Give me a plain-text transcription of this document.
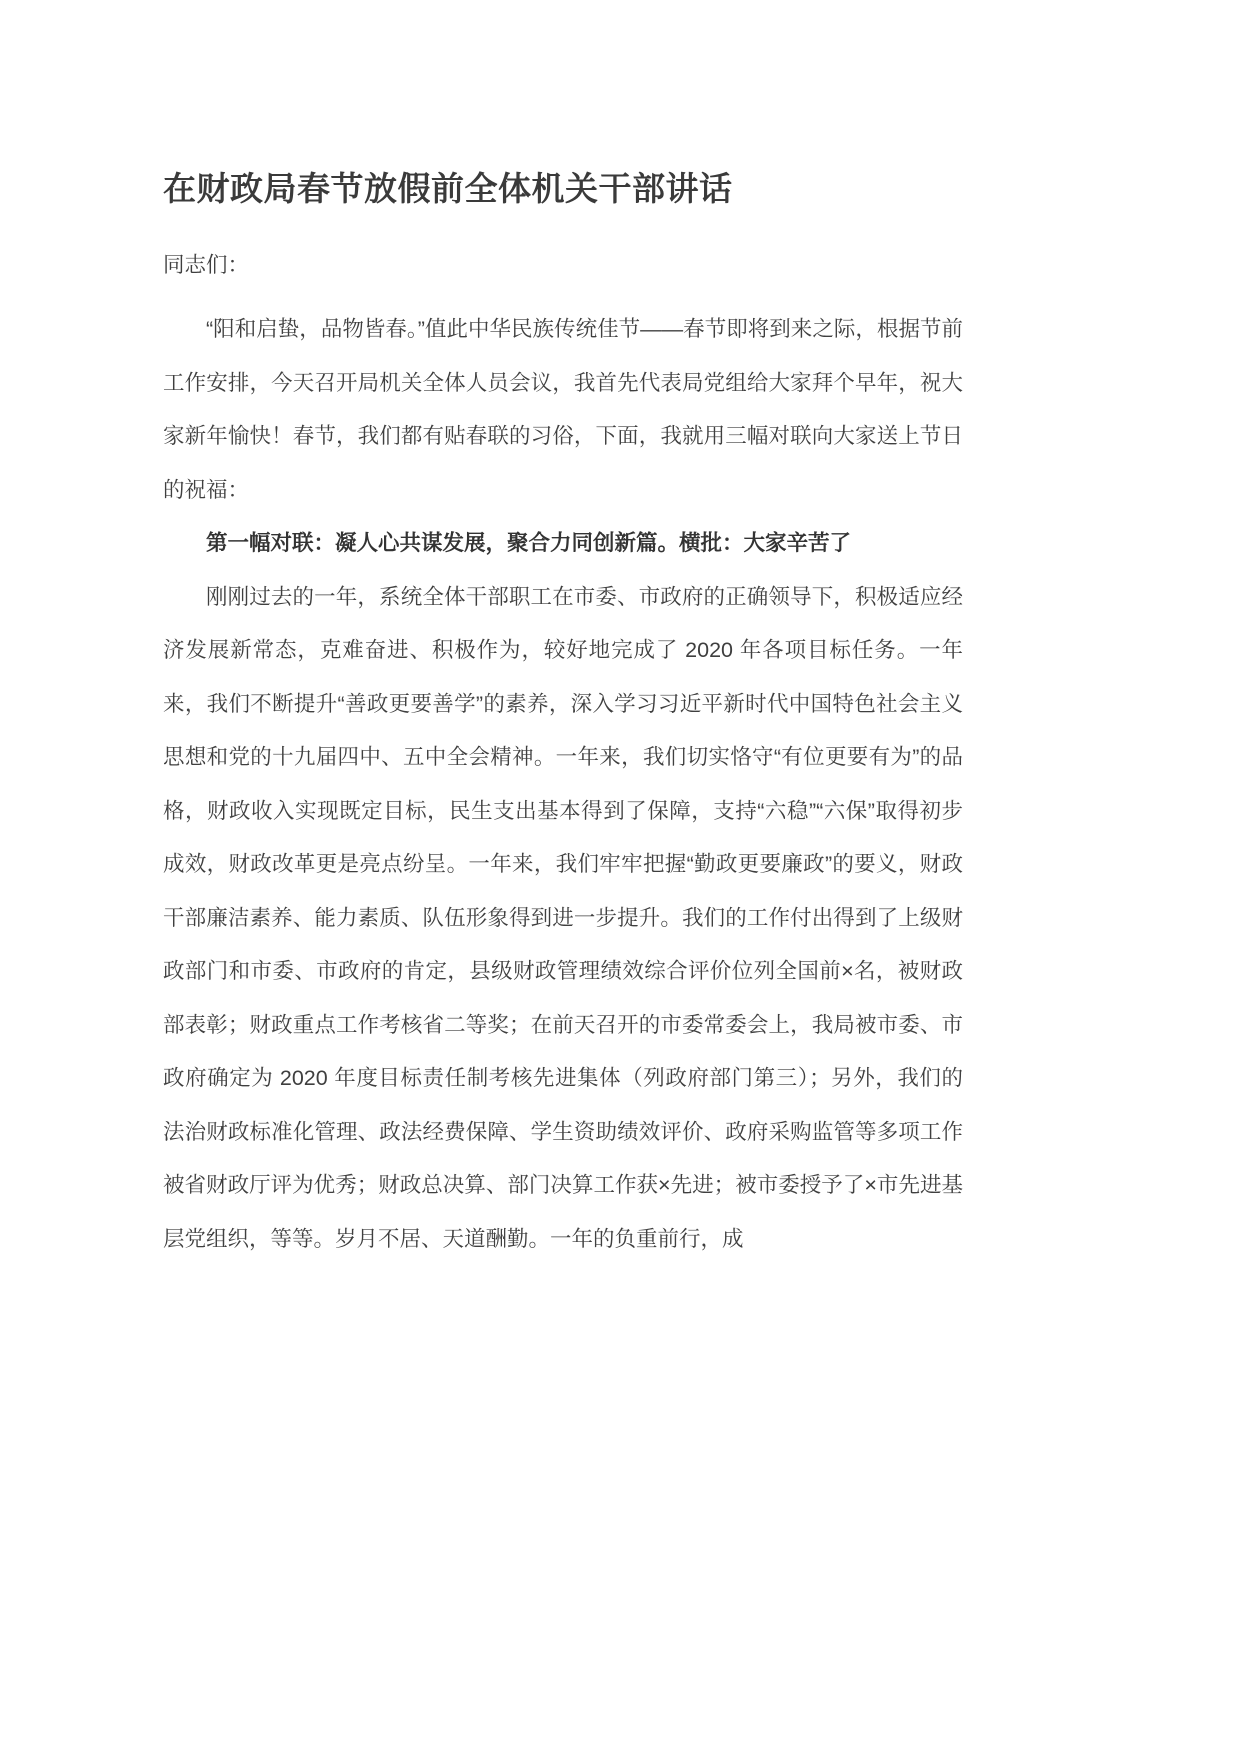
在财政局春节放假前全体机关干部讲话

同志们：

“阳和启蛰，品物皆春。”值此中华民族传统佳节——春节即将到来之际，根据节前工作安排，今天召开局机关全体人员会议，我首先代表局党组给大家拜个早年，祝大家新年愉快！春节，我们都有贴春联的习俗，下面，我就用三幅对联向大家送上节日的祝福：

第一幅对联：凝人心共谋发展，聚合力同创新篇。横批：大家辛苦了

刚刚过去的一年，系统全体干部职工在市委、市政府的正确领导下，积极适应经济发展新常态，克难奋进、积极作为，较好地完成了 2020 年各项目标任务。一年来，我们不断提升“善政更要善学”的素养，深入学习习近平新时代中国特色社会主义思想和党的十九届四中、五中全会精神。一年来，我们切实恪守“有位更要有为”的品格，财政收入实现既定目标，民生支出基本得到了保障，支持“六稳”“六保”取得初步成效，财政改革更是亮点纷呈。一年来，我们牢牢把握“勤政更要廉政”的要义，财政干部廉洁素养、能力素质、队伍形象得到进一步提升。我们的工作付出得到了上级财政部门和市委、市政府的肯定，县级财政管理绩效综合评价位列全国前×名，被财政部表彰；财政重点工作考核省二等奖；在前天召开的市委常委会上，我局被市委、市政府确定为 2020 年度目标责任制考核先进集体（列政府部门第三）；另外，我们的法治财政标准化管理、政法经费保障、学生资助绩效评价、政府采购监管等多项工作被省财政厅评为优秀；财政总决算、部门决算工作获×先进；被市委授予了×市先进基层党组织，等等。岁月不居、天道酬勤。一年的负重前行，成
